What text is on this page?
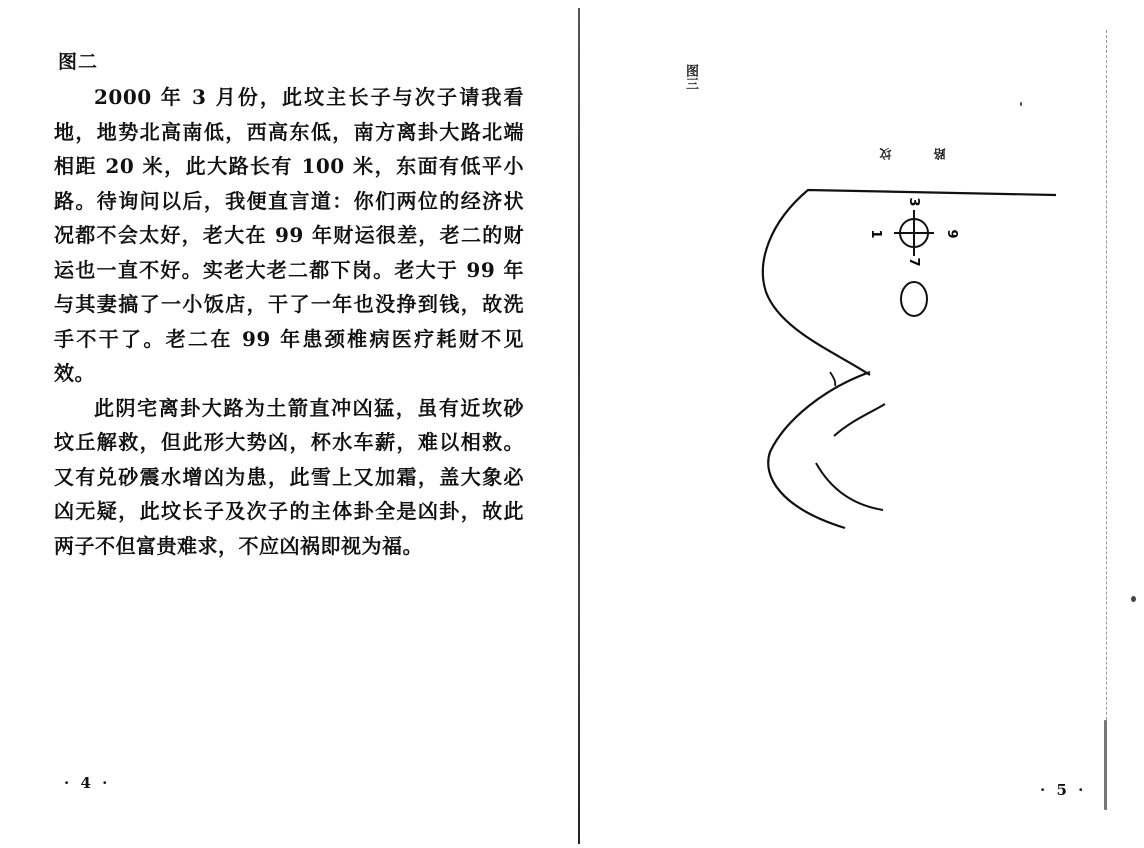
图二

2000 年 3 月份，此坟主长子与次子请我看地，地势北高南低，西高东低，南方离卦大路北端相距 20 米，此大路长有 100 米，东面有低平小路。待询问以后，我便直言道：你们两位的经济状况都不会太好，老大在 99 年财运很差，老二的财运也一直不好。实老大老二都下岗。老大于 99 年与其妻搞了一小饭店，干了一年也没挣到钱，故洗手不干了。老二在 99 年患颈椎病医疗耗财不见效。

此阴宅离卦大路为土箭直冲凶猛，虽有近坎砂坟丘解救，但此形大势凶，杯水车薪，难以相救。又有兑砂震水增凶为患，此雪上又加霜，盖大象必凶无疑，此坟长子及次子的主体卦全是凶卦，故此两子不但富贵难求，不应凶祸即视为福。

· 4 ·
图三
坟	路
3
1	9
7
· 5 ·
